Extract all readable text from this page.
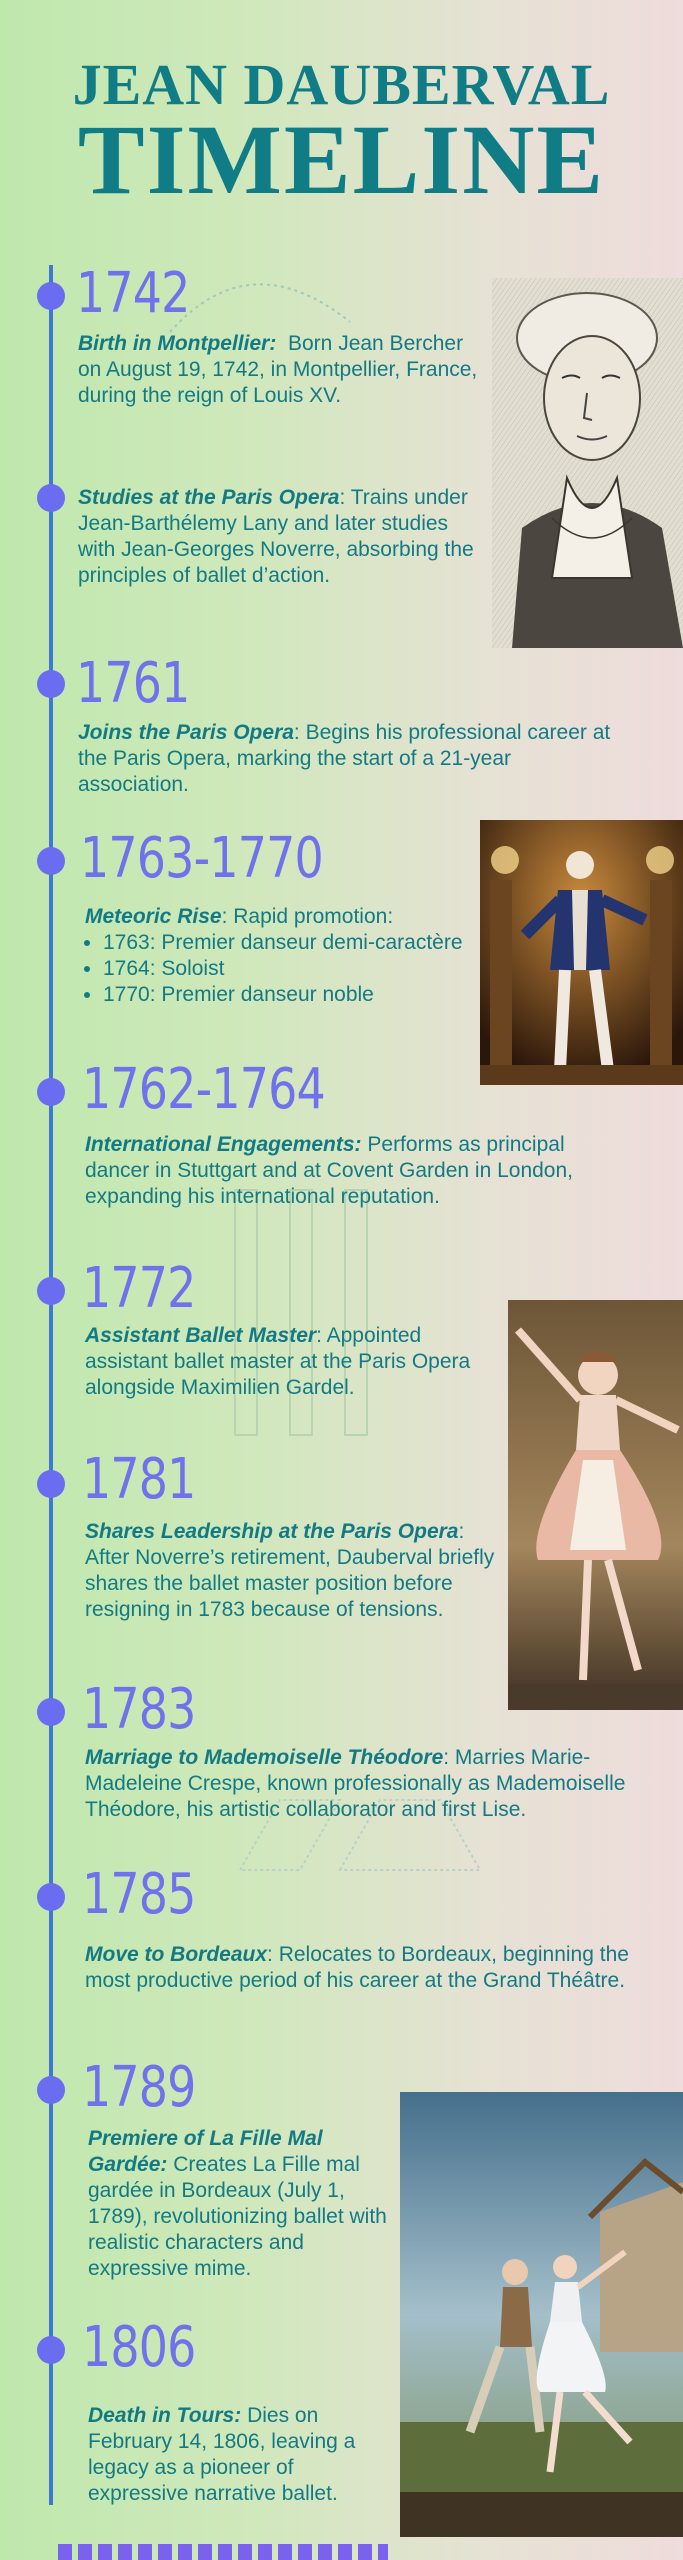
JEAN DAUBERVAL
TIMELINE
1742
1761
1763-1770
1762-1764
1772
1781
1783
1785
1789
1806
Birth in Montpellier:  Born Jean Bercher on August 19, 1742, in Montpellier, France, during the reign of Louis XV.
Studies at the Paris Opera: Trains under Jean-Barthélemy Lany and later studies with Jean-Georges Noverre, absorbing the principles of ballet d’action.
Joins the Paris Opera: Begins his professional career at the Paris Opera, marking the start of a 21-year association.
Meteoric Rise: Rapid promotion:
• 1763: Premier danseur demi-caractère
• 1764: Soloist
• 1770: Premier danseur noble
International Engagements: Performs as principal dancer in Stuttgart and at Covent Garden in London, expanding his international reputation.
Assistant Ballet Master: Appointed assistant ballet master at the Paris Opera alongside Maximilien Gardel.
Shares Leadership at the Paris Opera: After Noverre’s retirement, Dauberval briefly shares the ballet master position before resigning in 1783 because of tensions.
Marriage to Mademoiselle Théodore: Marries Marie-Madeleine Crespe, known professionally as Mademoiselle Théodore, his artistic collaborator and first Lise.
Move to Bordeaux: Relocates to Bordeaux, beginning the most productive period of his career at the Grand Théâtre.
Premiere of La Fille Mal Gardée: Creates La Fille mal gardée in Bordeaux (July 1, 1789), revolutionizing ballet with realistic characters and expressive mime.
Death in Tours: Dies on February 14, 1806, leaving a legacy as a pioneer of expressive narrative ballet.
